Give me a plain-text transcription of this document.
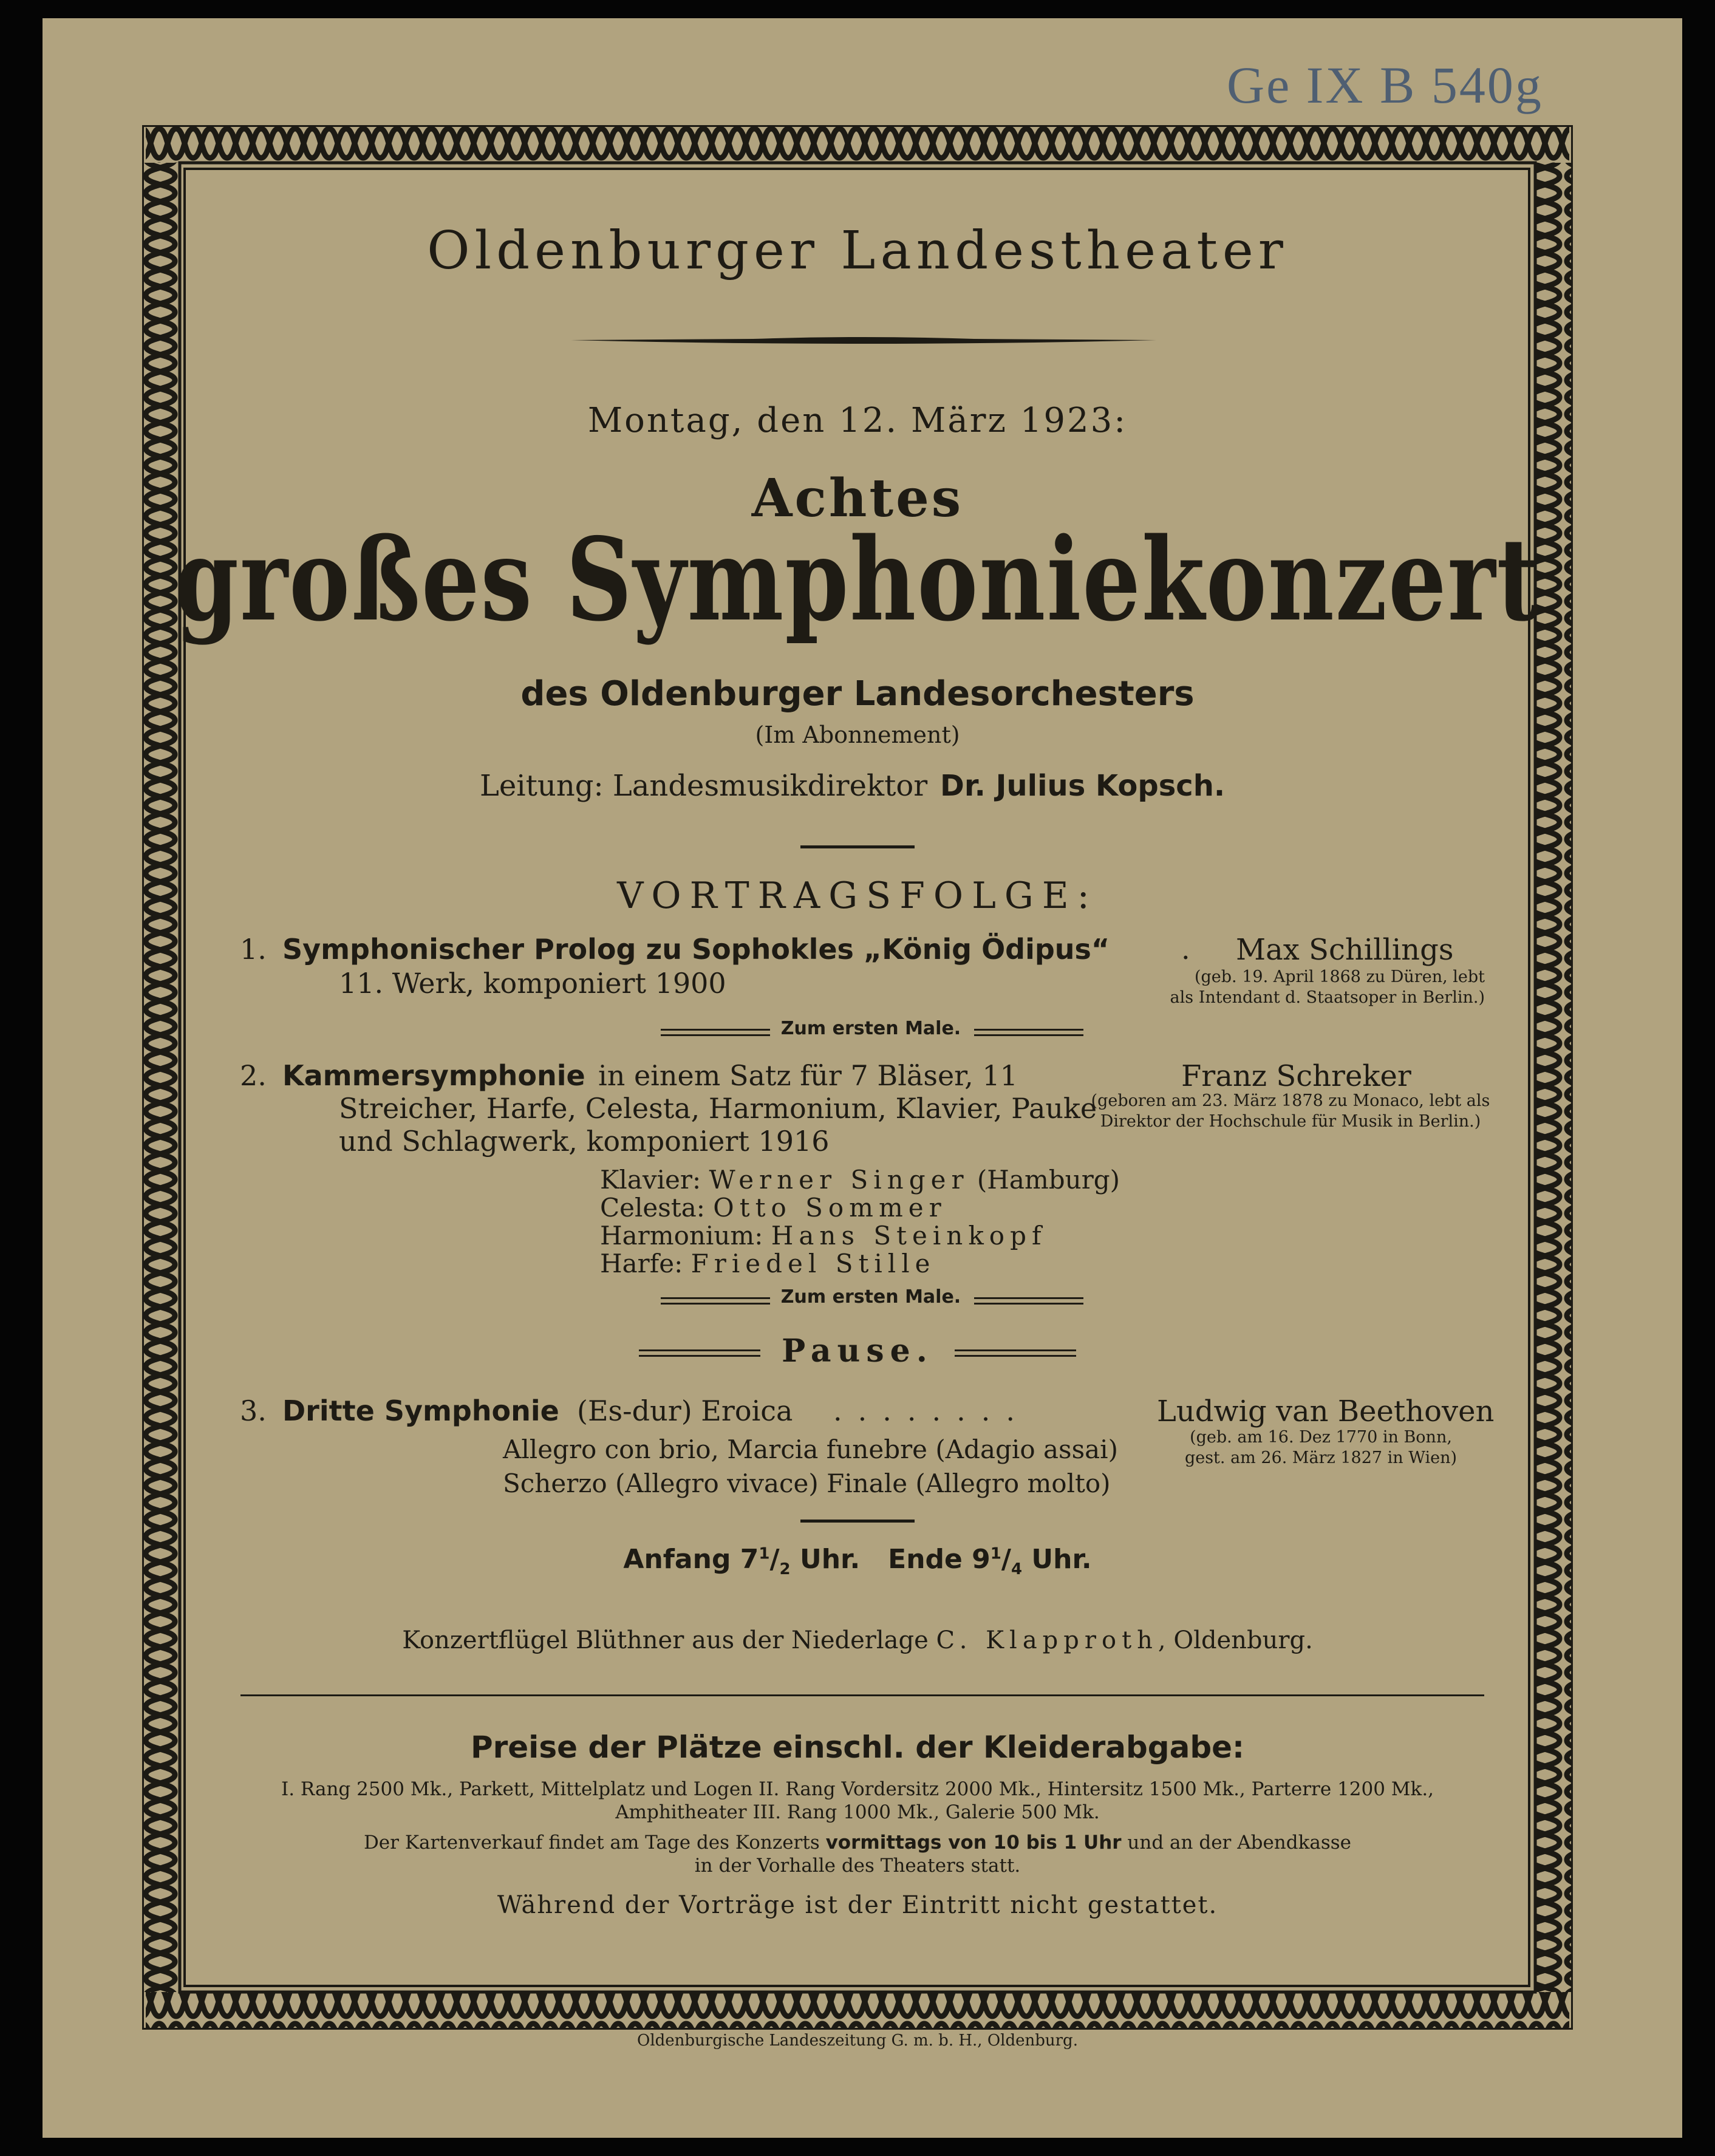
Ge IX B 540g
Oldenburger Landestheater
Montag, den 12. März 1923:
Achtes
großes Symphoniekonzert
des Oldenburger Landesorchesters
(Im Abonnement)
Leitung: Landesmusikdirektor Dr. Julius Kopsch.
VORTRAGSFOLGE:
1. Symphonischer Prolog zu Sophokles „König Ödipus“	. Max Schillings
11. Werk, komponiert 1900	(geb. 19. April 1868 zu Düren, lebt
als Intendant d. Staatsoper in Berlin.)
Zum ersten Male.
2. Kammersymphonie in einem Satz für 7 Bläser, 11	Franz Schreker
Streicher, Harfe, Celesta, Harmonium, Klavier, Pauke
und Schlagwerk, komponiert 1916
(geboren am 23. März 1878 zu Monaco, lebt als
Direktor der Hochschule für Musik in Berlin.)
Klavier: Werner Singer (Hamburg)
Celesta: Otto Sommer
Harmonium: Hans Steinkopf
Harfe: Friedel Stille
Zum ersten Male.
Pause.
3. Dritte Symphonie (Es-dur) Eroica ........	Ludwig van Beethoven
Allegro con brio, Marcia funebre (Adagio assai)
Scherzo (Allegro vivace) Finale (Allegro molto)
(geb. am 16. Dez 1770 in Bonn,
gest. am 26. März 1827 in Wien)
Anfang $7^1/_2$ Uhr. Ende $9^1/_4$ Uhr.
Konzertflügel Blüthner aus der Niederlage C. Klapproth, Oldenburg.
Preise der Plätze einschl. der Kleiderabgabe:
I. Rang 2500 Mk., Parkett, Mittelplatz und Logen II. Rang Vordersitz 2000 Mk., Hintersitz 1500 Mk., Parterre 1200 Mk.,
Amphitheater III. Rang 1000 Mk., Galerie 500 Mk.
Der Kartenverkauf findet am Tage des Konzerts vormittags von 10 bis 1 Uhr und an der Abendkasse
in der Vorhalle des Theaters statt.
Während der Vorträge ist der Eintritt nicht gestattet.
Oldenburgische Landeszeitung G. m. b. H., Oldenburg.
